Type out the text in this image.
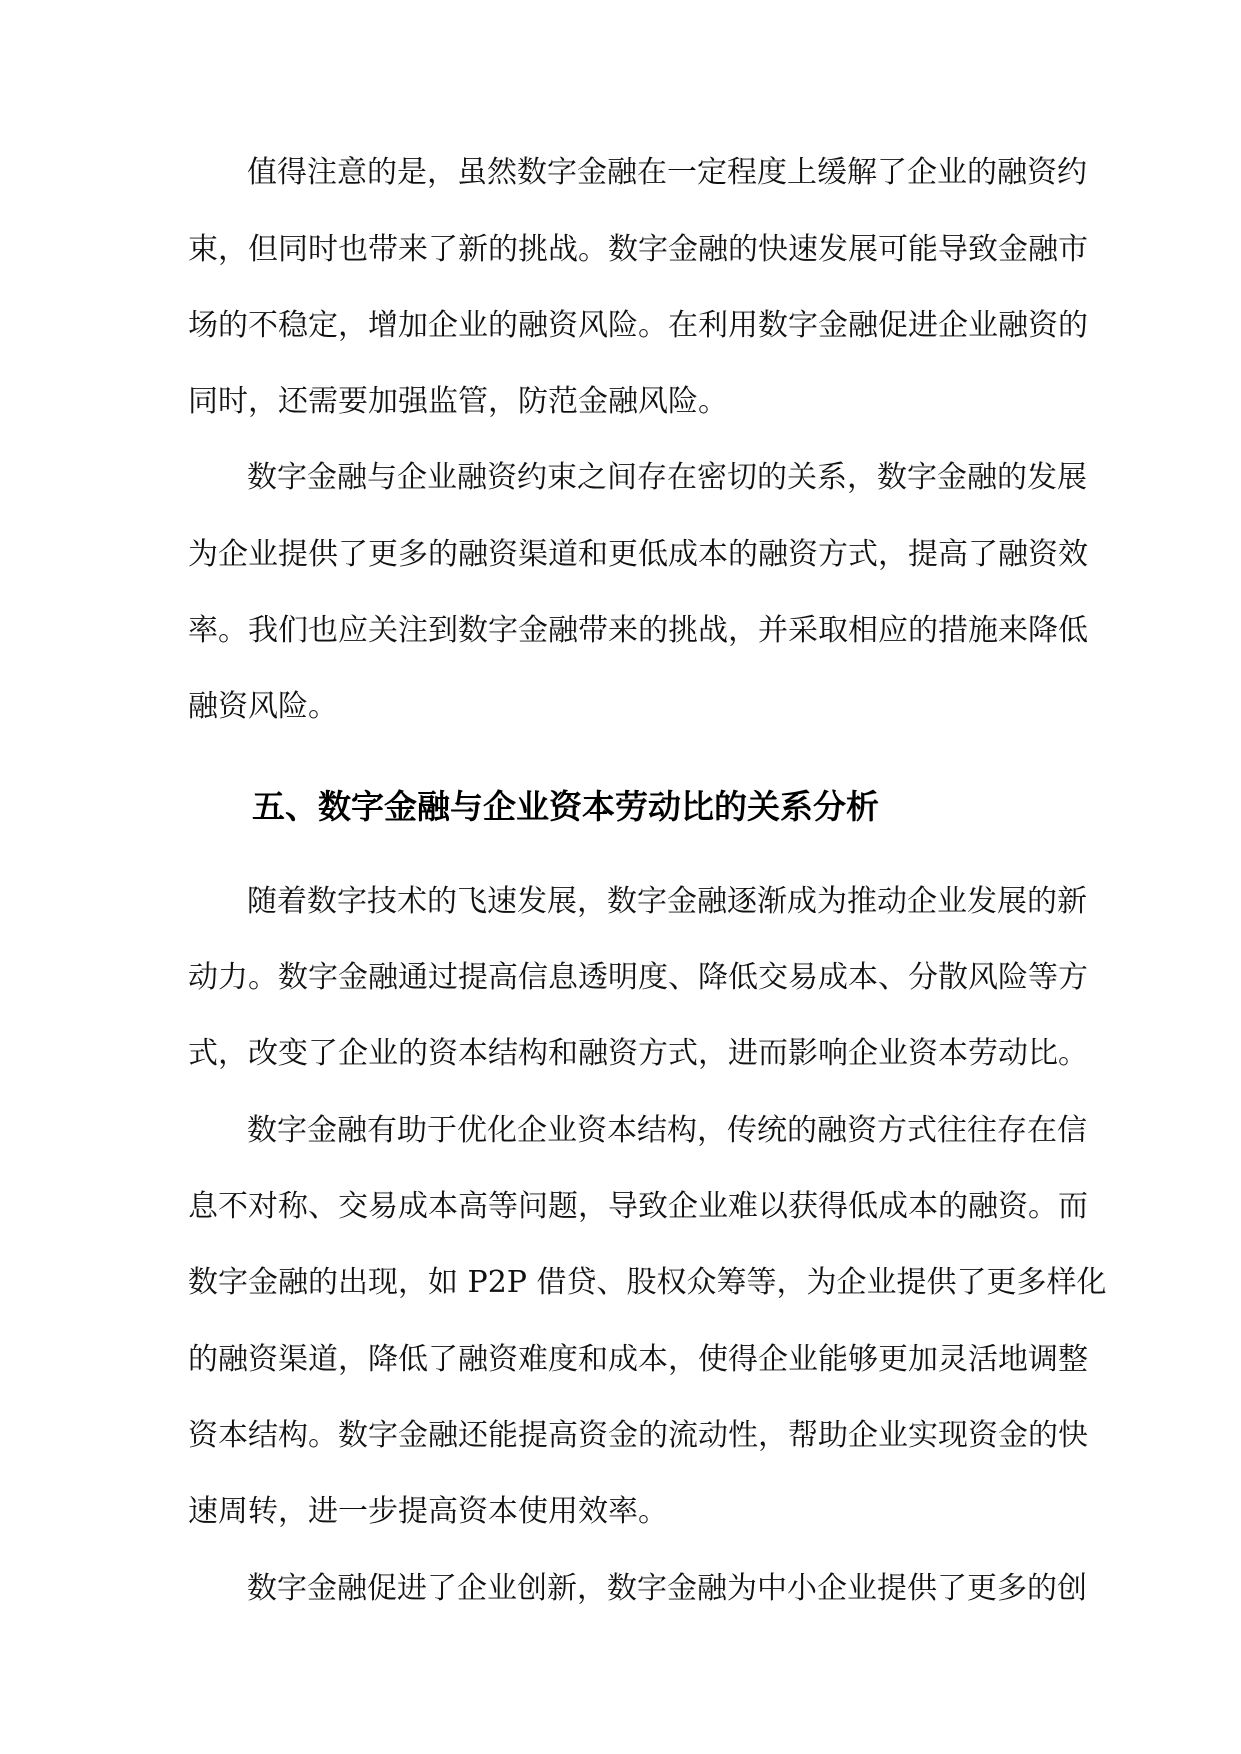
值得注意的是，虽然数字金融在一定程度上缓解了企业的融资约
束，但同时也带来了新的挑战。数字金融的快速发展可能导致金融市
场的不稳定，增加企业的融资风险。在利用数字金融促进企业融资的
同时，还需要加强监管，防范金融风险。
数字金融与企业融资约束之间存在密切的关系，数字金融的发展
为企业提供了更多的融资渠道和更低成本的融资方式，提高了融资效
率。我们也应关注到数字金融带来的挑战，并采取相应的措施来降低
融资风险。
五、数字金融与企业资本劳动比的关系分析
随着数字技术的飞速发展，数字金融逐渐成为推动企业发展的新
动力。数字金融通过提高信息透明度、降低交易成本、分散风险等方
式，改变了企业的资本结构和融资方式，进而影响企业资本劳动比。
数字金融有助于优化企业资本结构，传统的融资方式往往存在信
息不对称、交易成本高等问题，导致企业难以获得低成本的融资。而
数字金融的出现，如 P2P 借贷、股权众筹等，为企业提供了更多样化
的融资渠道，降低了融资难度和成本，使得企业能够更加灵活地调整
资本结构。数字金融还能提高资金的流动性，帮助企业实现资金的快
速周转，进一步提高资本使用效率。
数字金融促进了企业创新，数字金融为中小企业提供了更多的创
